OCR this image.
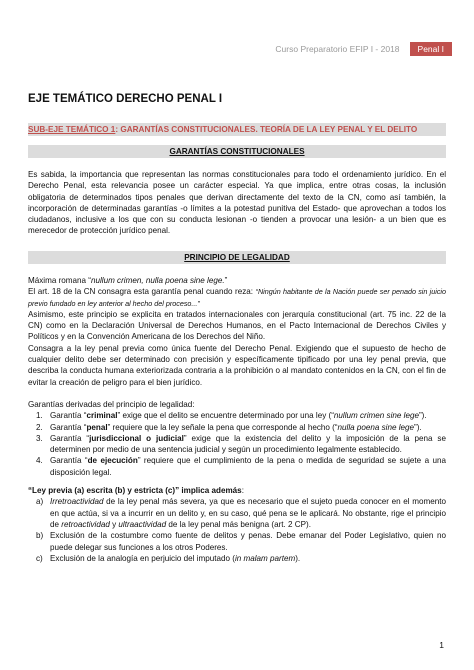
Curso Preparatorio EFIP I - 2018	Penal I
EJE TEMÁTICO DERECHO PENAL I
SUB-EJE TEMÁTICO 1: GARANTÍAS CONSTITUCIONALES. TEORÍA DE LA LEY PENAL Y EL DELITO
GARANTÍAS CONSTITUCIONALES
Es sabida, la importancia que representan las normas constitucionales para todo el ordenamiento jurídico. En el Derecho Penal, esta relevancia posee un carácter especial. Ya que implica, entre otras cosas, la inclusión obligatoria de determinados tipos penales que derivan directamente del texto de la CN, como así también, la incorporación de determinadas garantías -o límites a la potestad punitiva del Estado- que aprovechan a todos los ciudadanos, inclusive a los que con su conducta lesionan -o tienden a provocar una lesión- a un bien que es merecedor de protección jurídico penal.
PRINCIPIO DE LEGALIDAD

Máxima romana “nullum crimen, nulla poena sine lege.”

El art. 18 de la CN consagra esta garantía penal cuando reza: “Ningún habitante de la Nación puede ser penado sin juicio previo fundado en ley anterior al hecho del proceso...”

Asimismo, este principio se explicita en tratados internacionales con jerarquía constitucional (art. 75 inc. 22 de la CN) como en la Declaración Universal de Derechos Humanos, en el Pacto Internacional de Derechos Civiles y Políticos y en la Convención Americana de los Derechos del Niño.

Consagra a la ley penal previa como única fuente del Derecho Penal. Exigiendo que el supuesto de hecho de cualquier delito debe ser determinado con precisión y específicamente tipificado por una ley penal previa, que describa la conducta humana exteriorizada contraria a la prohibición o al mandato contenidos en la CN, con el fin de evitar la creación de peligro para el bien jurídico.

Garantías derivadas del principio de legalidad:

1. Garantía “criminal” exige que el delito se encuentre determinado por una ley (“nullum crimen sine lege”).
2. Garantía “penal” requiere que la ley señale la pena que corresponde al hecho (“nulla poena sine lege”).
3. Garantía “jurisdiccional o judicial” exige que la existencia del delito y la imposición de la pena se determinen por medio de una sentencia judicial y según un procedimiento legalmente establecido.
4. Garantía “de ejecución” requiere que el cumplimiento de la pena o medida de seguridad se sujete a una disposición legal.

“Ley previa (a) escrita (b) y estricta (c)” implica además:

a) Irretroactividad de la ley penal más severa, ya que es necesario que el sujeto pueda conocer en el momento en que actúa, si va a incurrir en un delito y, en su caso, qué pena se le aplicará. No obstante, rige el principio de retroactividad y ultraactividad de la ley penal más benigna (art. 2 CP).
b) Exclusión de la costumbre como fuente de delitos y penas. Debe emanar del Poder Legislativo, quien no puede delegar sus funciones a los otros Poderes.
c) Exclusión de la analogía en perjuicio del imputado (in malam partem).
1
